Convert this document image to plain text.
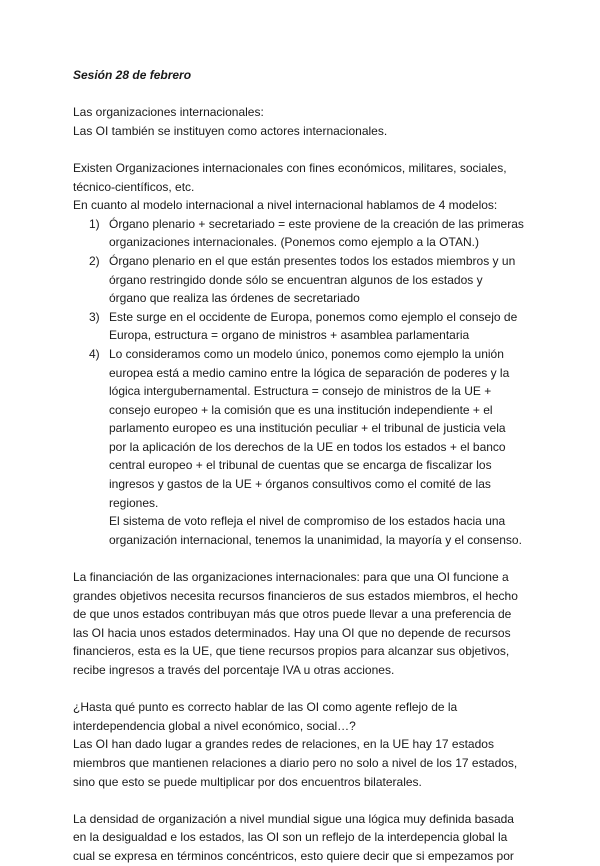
Sesión 28 de febrero
Las organizaciones internacionales:
Las OI también se instituyen como actores internacionales.
Existen Organizaciones internacionales con fines económicos, militares, sociales,
técnico-científicos, etc.
En cuanto al modelo internacional a nivel internacional hablamos de 4 modelos:
1) Órgano plenario + secretariado = este proviene de la creación de las primeras
organizaciones internacionales. (Ponemos como ejemplo a la OTAN.)
2) Órgano plenario en el que están presentes todos los estados miembros y un
órgano restringido donde sólo se encuentran algunos de los estados y
órgano que realiza las órdenes de secretariado
3) Este surge en el occidente de Europa, ponemos como ejemplo el consejo de
Europa, estructura = organo de ministros + asamblea parlamentaria
4) Lo consideramos como un modelo único, ponemos como ejemplo la unión
europea está a medio camino entre la lógica de separación de poderes y la
lógica intergubernamental. Estructura = consejo de ministros de la UE +
consejo europeo + la comisión que es una institución independiente + el
parlamento europeo es una institución peculiar + el tribunal de justicia vela
por la aplicación de los derechos de la UE en todos los estados + el banco
central europeo + el tribunal de cuentas que se encarga de fiscalizar los
ingresos y gastos de la UE + órganos consultivos como el comité de las
regiones.
El sistema de voto refleja el nivel de compromiso de los estados hacia una
organización internacional, tenemos la unanimidad, la mayoría y el consenso.
La financiación de las organizaciones internacionales: para que una OI funcione a
grandes objetivos necesita recursos financieros de sus estados miembros, el hecho
de que unos estados contribuyan más que otros puede llevar a una preferencia de
las OI hacia unos estados determinados. Hay una OI que no depende de recursos
financieros, esta es la UE, que tiene recursos propios para alcanzar sus objetivos,
recibe ingresos a través del porcentaje IVA u otras acciones.
¿Hasta qué punto es correcto hablar de las OI como agente reflejo de la
interdependencia global a nivel económico, social…?
Las OI han dado lugar a grandes redes de relaciones, en la UE hay 17 estados
miembros que mantienen relaciones a diario pero no solo a nivel de los 17 estados,
sino que esto se puede multiplicar por dos encuentros bilaterales.
La densidad de organización a nivel mundial sigue una lógica muy definida basada
en la desigualdad e los estados, las OI son un reflejo de la interdepencia global la
cual se expresa en términos concéntricos, esto quiere decir que si empezamos por
